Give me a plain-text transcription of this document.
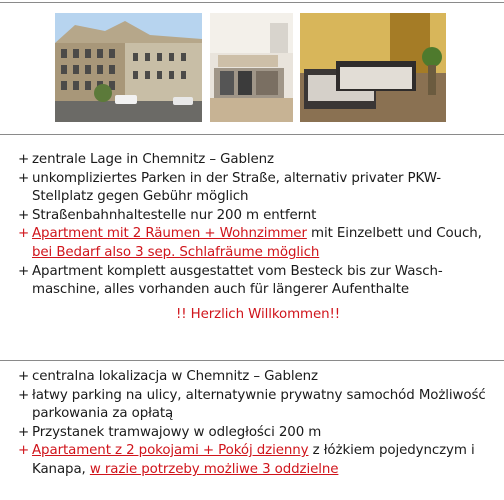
+ zentrale Lage in Chemnitz – Gablenz
+ unkompliziertes Parken in der Straße, alternativ privater PKW-Stellplatz gegen Gebühr möglich
+ Straßenbahnhaltestelle nur 200 m entfernt
+ Apartment mit 2 Räumen + Wohnzimmer mit Einzelbett und Couch, bei Bedarf also 3 sep. Schlafräume möglich
+ Apartment komplett ausgestattet vom Besteck bis zur Wasch-maschine, alles vorhanden auch für längerer Aufenthalte
!! Herzlich Willkommen!!
+ centralna lokalizacja w Chemnitz – Gablenz
+ łatwy parking na ulicy, alternatywnie prywatny samochód Możliwość parkowania za opłatą
+ Przystanek tramwajowy w odległości 200 m
+ Apartament z 2 pokojami + Pokój dzienny z łóżkiem pojedynczym i Kanapa, w razie potrzeby możliwe 3 oddzielne
